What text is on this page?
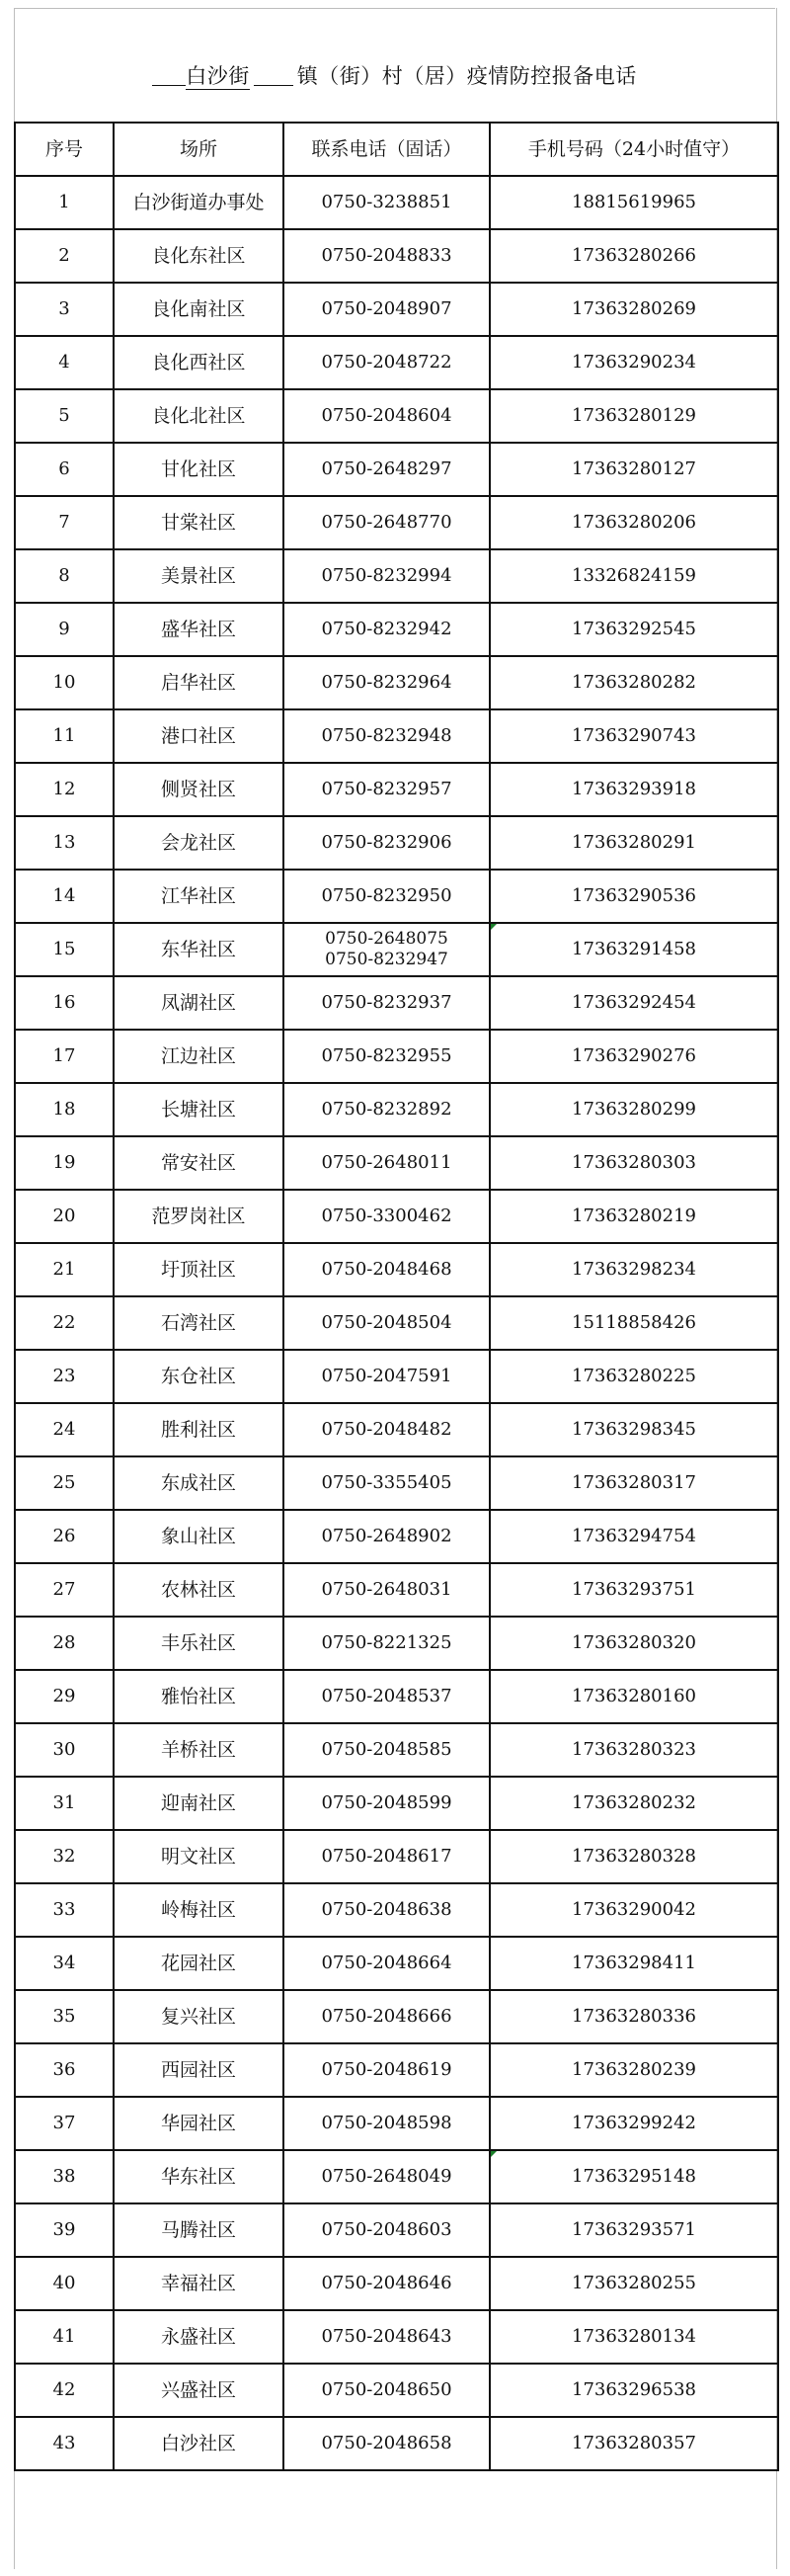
白沙街 镇（街）村（居）疫情防控报备电话
序号	场所	联系电话（固话）	手机号码（24小时值守）
1	白沙街道办事处	0750-3238851	18815619965
2	良化东社区	0750-2048833	17363280266
3	良化南社区	0750-2048907	17363280269
4	良化西社区	0750-2048722	17363290234
5	良化北社区	0750-2048604	17363280129
6	甘化社区	0750-2648297	17363280127
7	甘棠社区	0750-2648770	17363280206
8	美景社区	0750-8232994	13326824159
9	盛华社区	0750-8232942	17363292545
10	启华社区	0750-8232964	17363280282
11	港口社区	0750-8232948	17363290743
12	侧贤社区	0750-8232957	17363293918
13	会龙社区	0750-8232906	17363280291
14	江华社区	0750-8232950	17363290536
15	东华社区	0750-2648075
0750-8232947	17363291458
16	凤湖社区	0750-8232937	17363292454
17	江边社区	0750-8232955	17363290276
18	长塘社区	0750-8232892	17363280299
19	常安社区	0750-2648011	17363280303
20	范罗岗社区	0750-3300462	17363280219
21	圩顶社区	0750-2048468	17363298234
22	石湾社区	0750-2048504	15118858426
23	东仓社区	0750-2047591	17363280225
24	胜利社区	0750-2048482	17363298345
25	东成社区	0750-3355405	17363280317
26	象山社区	0750-2648902	17363294754
27	农林社区	0750-2648031	17363293751
28	丰乐社区	0750-8221325	17363280320
29	雅怡社区	0750-2048537	17363280160
30	羊桥社区	0750-2048585	17363280323
31	迎南社区	0750-2048599	17363280232
32	明文社区	0750-2048617	17363280328
33	岭梅社区	0750-2048638	17363290042
34	花园社区	0750-2048664	17363298411
35	复兴社区	0750-2048666	17363280336
36	西园社区	0750-2048619	17363280239
37	华园社区	0750-2048598	17363299242
38	华东社区	0750-2648049	17363295148
39	马腾社区	0750-2048603	17363293571
40	幸福社区	0750-2048646	17363280255
41	永盛社区	0750-2048643	17363280134
42	兴盛社区	0750-2048650	17363296538
43	白沙社区	0750-2048658	17363280357
